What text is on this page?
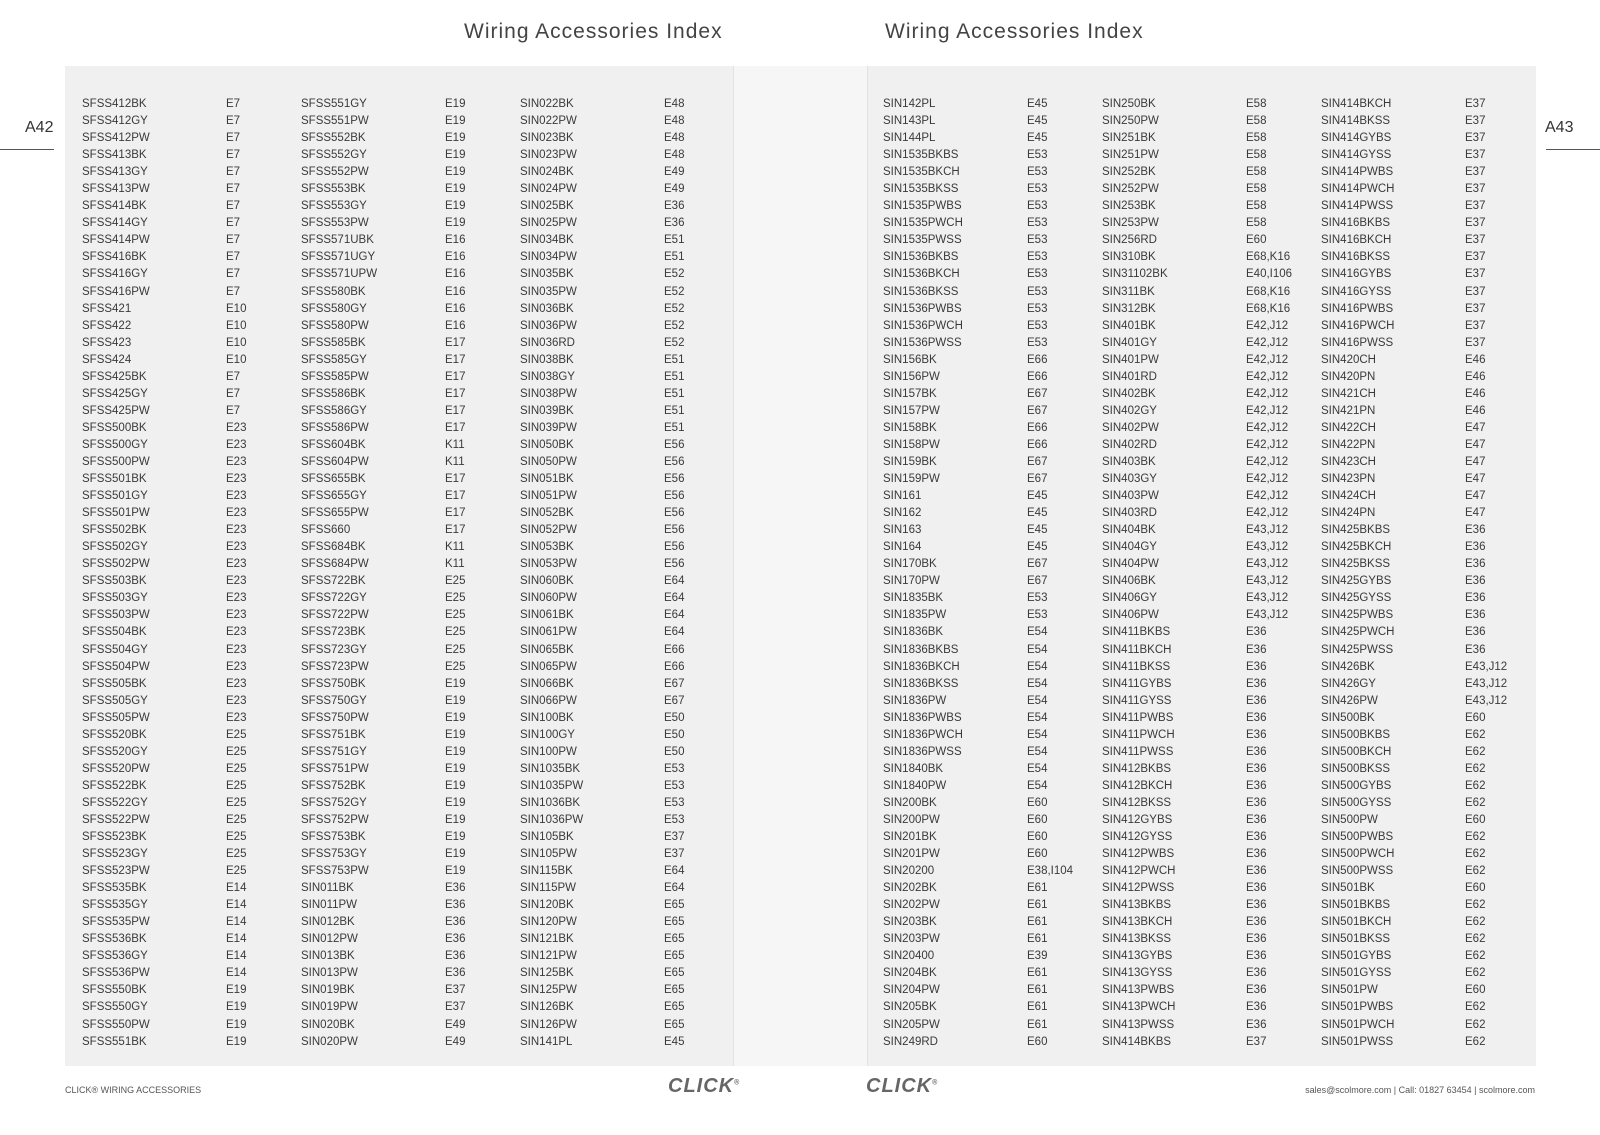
Wiring Accessories Index	Wiring Accessories Index
A42	A43
SFSS412BK	E7
SFSS412GY	E7
SFSS412PW	E7
SFSS413BK	E7
SFSS413GY	E7
SFSS413PW	E7
SFSS414BK	E7
SFSS414GY	E7
SFSS414PW	E7
SFSS416BK	E7
SFSS416GY	E7
SFSS416PW	E7
SFSS421	E10
SFSS422	E10
SFSS423	E10
SFSS424	E10
SFSS425BK	E7
SFSS425GY	E7
SFSS425PW	E7
SFSS500BK	E23
SFSS500GY	E23
SFSS500PW	E23
SFSS501BK	E23
SFSS501GY	E23
SFSS501PW	E23
SFSS502BK	E23
SFSS502GY	E23
SFSS502PW	E23
SFSS503BK	E23
SFSS503GY	E23
SFSS503PW	E23
SFSS504BK	E23
SFSS504GY	E23
SFSS504PW	E23
SFSS505BK	E23
SFSS505GY	E23
SFSS505PW	E23
SFSS520BK	E25
SFSS520GY	E25
SFSS520PW	E25
SFSS522BK	E25
SFSS522GY	E25
SFSS522PW	E25
SFSS523BK	E25
SFSS523GY	E25
SFSS523PW	E25
SFSS535BK	E14
SFSS535GY	E14
SFSS535PW	E14
SFSS536BK	E14
SFSS536GY	E14
SFSS536PW	E14
SFSS550BK	E19
SFSS550GY	E19
SFSS550PW	E19
SFSS551BK	E19
SFSS551GY	E19
SFSS551PW	E19
SFSS552BK	E19
SFSS552GY	E19
SFSS552PW	E19
SFSS553BK	E19
SFSS553GY	E19
SFSS553PW	E19
SFSS571UBK	E16
SFSS571UGY	E16
SFSS571UPW	E16
SFSS580BK	E16
SFSS580GY	E16
SFSS580PW	E16
SFSS585BK	E17
SFSS585GY	E17
SFSS585PW	E17
SFSS586BK	E17
SFSS586GY	E17
SFSS586PW	E17
SFSS604BK	K11
SFSS604PW	K11
SFSS655BK	E17
SFSS655GY	E17
SFSS655PW	E17
SFSS660	E17
SFSS684BK	K11
SFSS684PW	K11
SFSS722BK	E25
SFSS722GY	E25
SFSS722PW	E25
SFSS723BK	E25
SFSS723GY	E25
SFSS723PW	E25
SFSS750BK	E19
SFSS750GY	E19
SFSS750PW	E19
SFSS751BK	E19
SFSS751GY	E19
SFSS751PW	E19
SFSS752BK	E19
SFSS752GY	E19
SFSS752PW	E19
SFSS753BK	E19
SFSS753GY	E19
SFSS753PW	E19
SIN011BK	E36
SIN011PW	E36
SIN012BK	E36
SIN012PW	E36
SIN013BK	E36
SIN013PW	E36
SIN019BK	E37
SIN019PW	E37
SIN020BK	E49
SIN020PW	E49
SIN022BK	E48
SIN022PW	E48
SIN023BK	E48
SIN023PW	E48
SIN024BK	E49
SIN024PW	E49
SIN025BK	E36
SIN025PW	E36
SIN034BK	E51
SIN034PW	E51
SIN035BK	E52
SIN035PW	E52
SIN036BK	E52
SIN036PW	E52
SIN036RD	E52
SIN038BK	E51
SIN038GY	E51
SIN038PW	E51
SIN039BK	E51
SIN039PW	E51
SIN050BK	E56
SIN050PW	E56
SIN051BK	E56
SIN051PW	E56
SIN052BK	E56
SIN052PW	E56
SIN053BK	E56
SIN053PW	E56
SIN060BK	E64
SIN060PW	E64
SIN061BK	E64
SIN061PW	E64
SIN065BK	E66
SIN065PW	E66
SIN066BK	E67
SIN066PW	E67
SIN100BK	E50
SIN100GY	E50
SIN100PW	E50
SIN1035BK	E53
SIN1035PW	E53
SIN1036BK	E53
SIN1036PW	E53
SIN105BK	E37
SIN105PW	E37
SIN115BK	E64
SIN115PW	E64
SIN120BK	E65
SIN120PW	E65
SIN121BK	E65
SIN121PW	E65
SIN125BK	E65
SIN125PW	E65
SIN126BK	E65
SIN126PW	E65
SIN141PL	E45
SIN142PL	E45
SIN143PL	E45
SIN144PL	E45
SIN1535BKBS	E53
SIN1535BKCH	E53
SIN1535BKSS	E53
SIN1535PWBS	E53
SIN1535PWCH	E53
SIN1535PWSS	E53
SIN1536BKBS	E53
SIN1536BKCH	E53
SIN1536BKSS	E53
SIN1536PWBS	E53
SIN1536PWCH	E53
SIN1536PWSS	E53
SIN156BK	E66
SIN156PW	E66
SIN157BK	E67
SIN157PW	E67
SIN158BK	E66
SIN158PW	E66
SIN159BK	E67
SIN159PW	E67
SIN161	E45
SIN162	E45
SIN163	E45
SIN164	E45
SIN170BK	E67
SIN170PW	E67
SIN1835BK	E53
SIN1835PW	E53
SIN1836BK	E54
SIN1836BKBS	E54
SIN1836BKCH	E54
SIN1836BKSS	E54
SIN1836PW	E54
SIN1836PWBS	E54
SIN1836PWCH	E54
SIN1836PWSS	E54
SIN1840BK	E54
SIN1840PW	E54
SIN200BK	E60
SIN200PW	E60
SIN201BK	E60
SIN201PW	E60
SIN20200	E38,I104
SIN202BK	E61
SIN202PW	E61
SIN203BK	E61
SIN203PW	E61
SIN20400	E39
SIN204BK	E61
SIN204PW	E61
SIN205BK	E61
SIN205PW	E61
SIN249RD	E60
SIN250BK	E58
SIN250PW	E58
SIN251BK	E58
SIN251PW	E58
SIN252BK	E58
SIN252PW	E58
SIN253BK	E58
SIN253PW	E58
SIN256RD	E60
SIN310BK	E68,K16
SIN31102BK	E40,I106
SIN311BK	E68,K16
SIN312BK	E68,K16
SIN401BK	E42,J12
SIN401GY	E42,J12
SIN401PW	E42,J12
SIN401RD	E42,J12
SIN402BK	E42,J12
SIN402GY	E42,J12
SIN402PW	E42,J12
SIN402RD	E42,J12
SIN403BK	E42,J12
SIN403GY	E42,J12
SIN403PW	E42,J12
SIN403RD	E42,J12
SIN404BK	E43,J12
SIN404GY	E43,J12
SIN404PW	E43,J12
SIN406BK	E43,J12
SIN406GY	E43,J12
SIN406PW	E43,J12
SIN411BKBS	E36
SIN411BKCH	E36
SIN411BKSS	E36
SIN411GYBS	E36
SIN411GYSS	E36
SIN411PWBS	E36
SIN411PWCH	E36
SIN411PWSS	E36
SIN412BKBS	E36
SIN412BKCH	E36
SIN412BKSS	E36
SIN412GYBS	E36
SIN412GYSS	E36
SIN412PWBS	E36
SIN412PWCH	E36
SIN412PWSS	E36
SIN413BKBS	E36
SIN413BKCH	E36
SIN413BKSS	E36
SIN413GYBS	E36
SIN413GYSS	E36
SIN413PWBS	E36
SIN413PWCH	E36
SIN413PWSS	E36
SIN414BKBS	E37
SIN414BKCH	E37
SIN414BKSS	E37
SIN414GYBS	E37
SIN414GYSS	E37
SIN414PWBS	E37
SIN414PWCH	E37
SIN414PWSS	E37
SIN416BKBS	E37
SIN416BKCH	E37
SIN416BKSS	E37
SIN416GYBS	E37
SIN416GYSS	E37
SIN416PWBS	E37
SIN416PWCH	E37
SIN416PWSS	E37
SIN420CH	E46
SIN420PN	E46
SIN421CH	E46
SIN421PN	E46
SIN422CH	E47
SIN422PN	E47
SIN423CH	E47
SIN423PN	E47
SIN424CH	E47
SIN424PN	E47
SIN425BKBS	E36
SIN425BKCH	E36
SIN425BKSS	E36
SIN425GYBS	E36
SIN425GYSS	E36
SIN425PWBS	E36
SIN425PWCH	E36
SIN425PWSS	E36
SIN426BK	E43,J12
SIN426GY	E43,J12
SIN426PW	E43,J12
SIN500BK	E60
SIN500BKBS	E62
SIN500BKCH	E62
SIN500BKSS	E62
SIN500GYBS	E62
SIN500GYSS	E62
SIN500PW	E60
SIN500PWBS	E62
SIN500PWCH	E62
SIN500PWSS	E62
SIN501BK	E60
SIN501BKBS	E62
SIN501BKCH	E62
SIN501BKSS	E62
SIN501GYBS	E62
SIN501GYSS	E62
SIN501PW	E60
SIN501PWBS	E62
SIN501PWCH	E62
SIN501PWSS	E62
CLICK® WIRING ACCESSORIES	CLICK®	CLICK®
sales@scolmore.com | Call: 01827 63454 | scolmore.com
